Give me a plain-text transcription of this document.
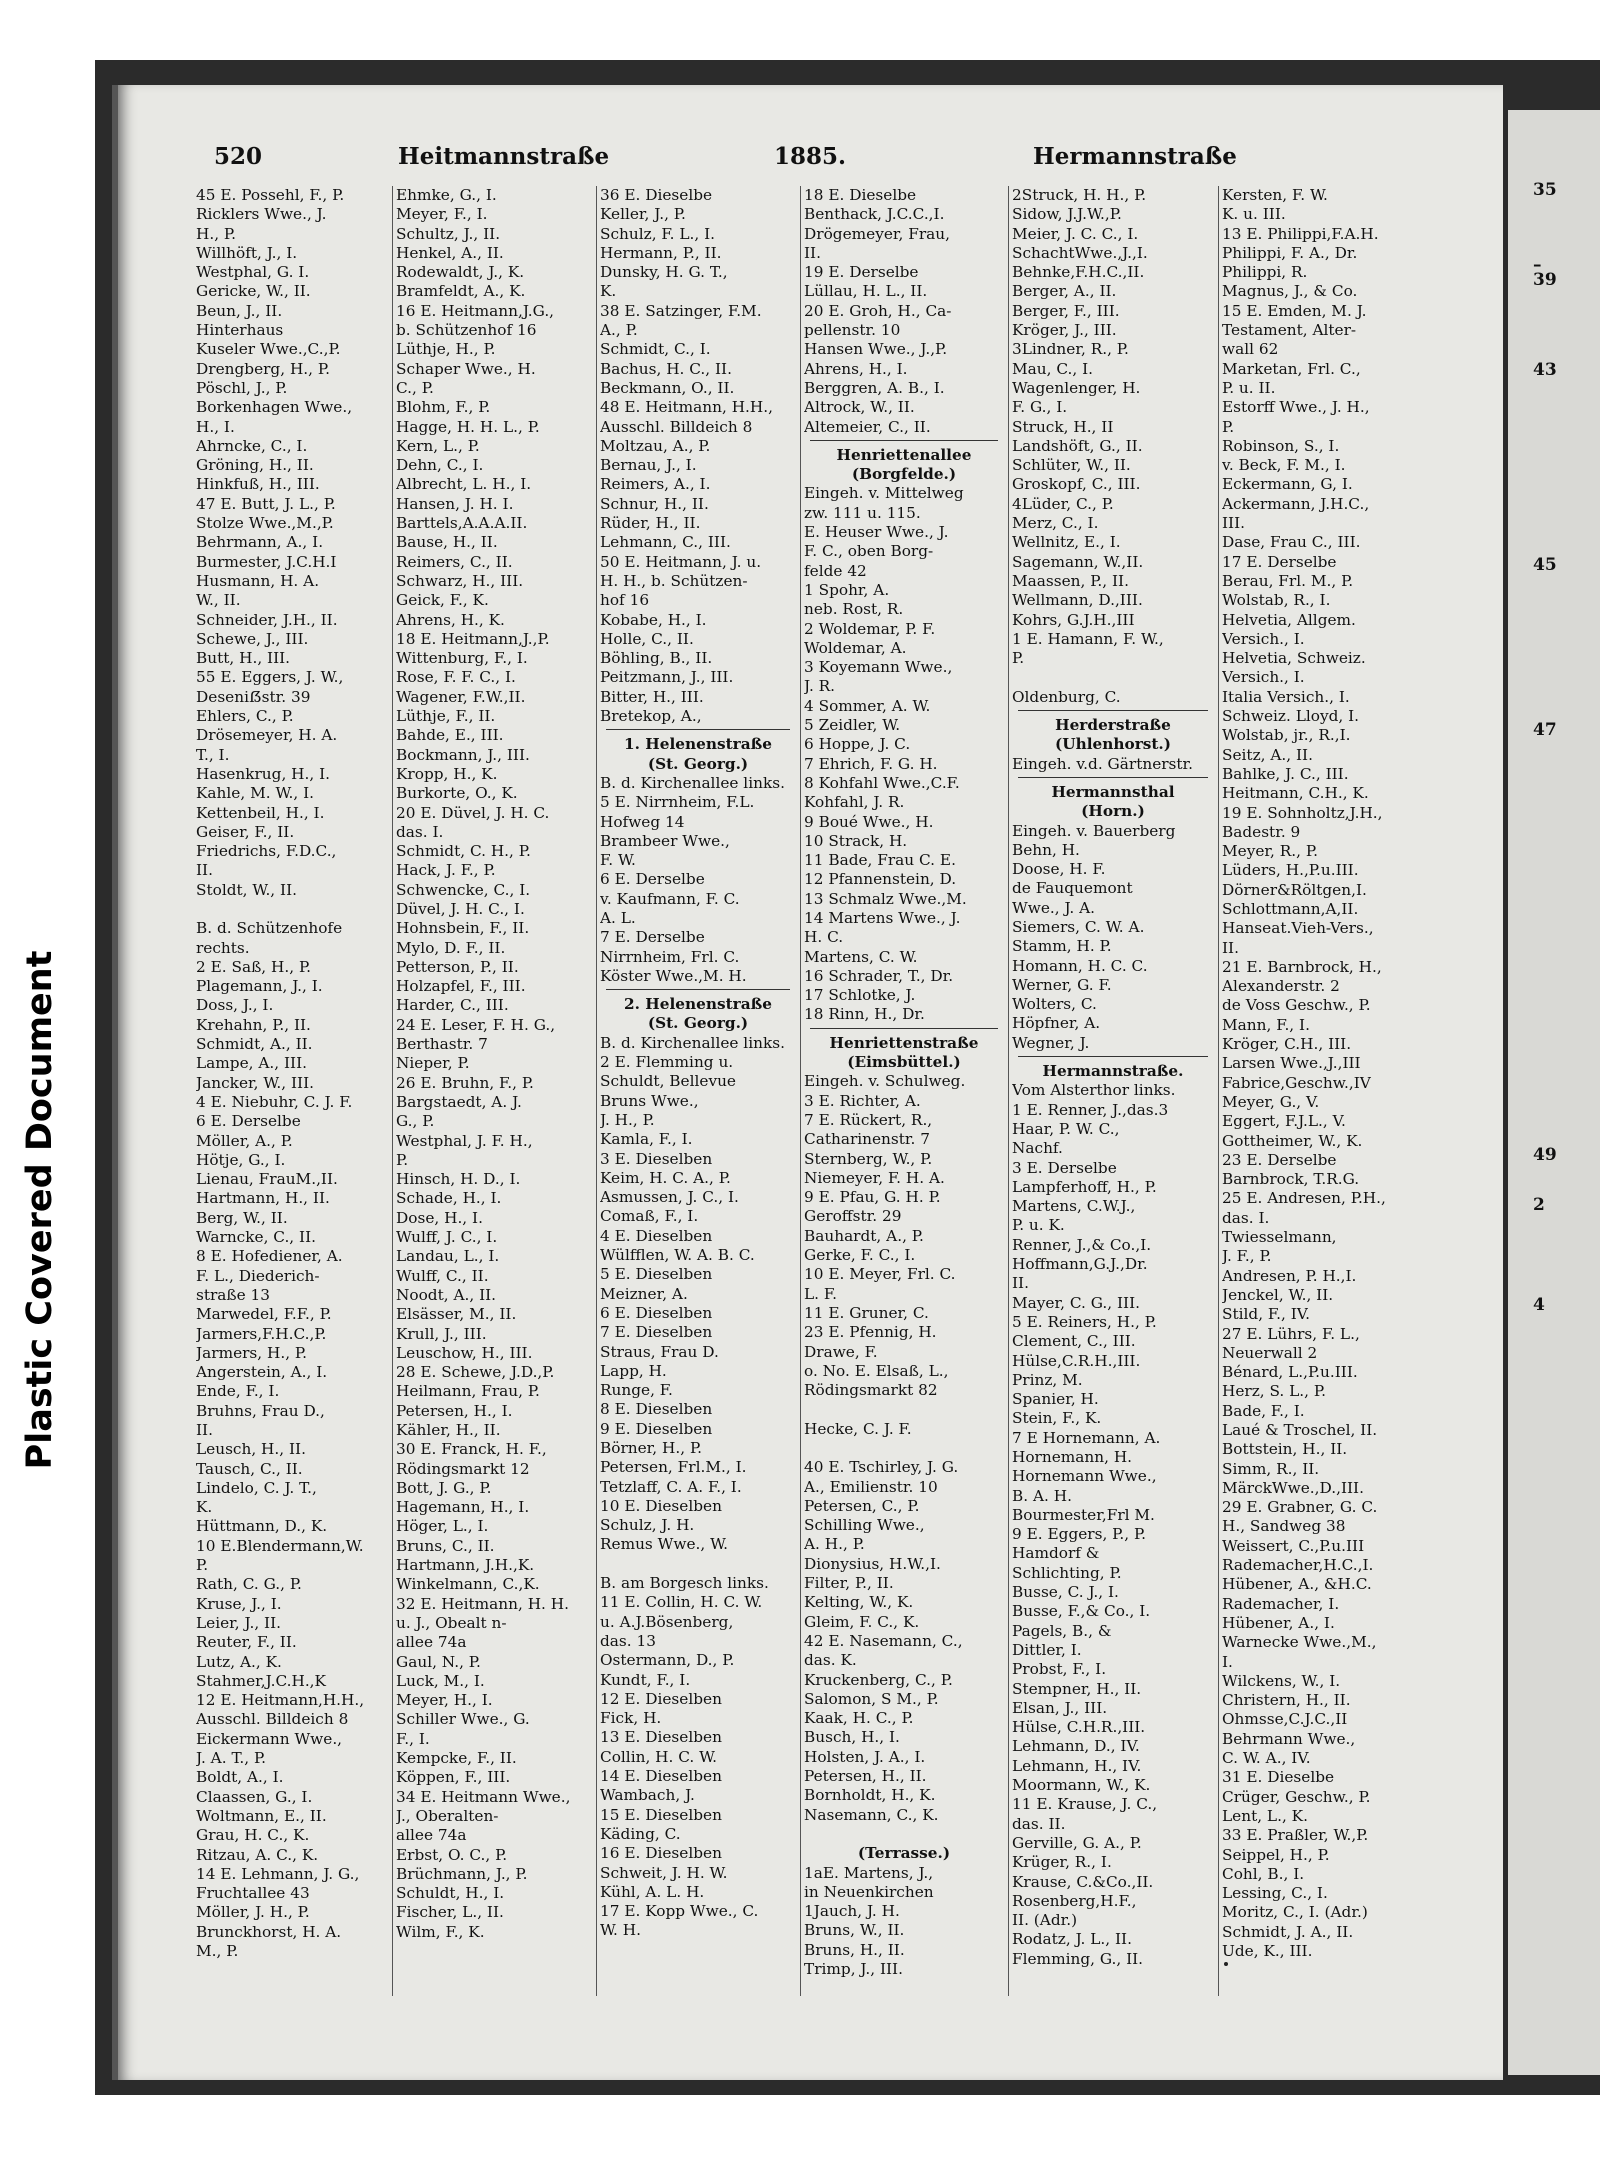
Plastic Covered Document
35
–
39
43
45
47
49
2
4
520	Heitmannstraße	1885.	Hermannstraße
45 E. Possehl, F., P.
Ricklers Wwe., J.
H., P.
Willhöft, J., I.
Westphal, G. I.
Gericke, W., II.
Beun, J., II.
Hinterhaus
Kuseler Wwe.,C.,P.
Drengberg, H., P.
Pöschl, J., P.
Borkenhagen Wwe.,
H., I.
Ahrncke, C., I.
Gröning, H., II.
Hinkfuß, H., III.
47 E. Butt, J. L., P.
Stolze Wwe.,M.,P.
Behrmann, A., I.
Burmester, J.C.H.I
Husmann, H. A.
W., II.
Schneider, J.H., II.
Schewe, J., III.
Butt, H., III.
55 E. Eggers, J. W.,
Deseniẞstr. 39
Ehlers, C., P.
Drösemeyer, H. A.
T., I.
Hasenkrug, H., I.
Kahle, M. W., I.
Kettenbeil, H., I.
Geiser, F., II.
Friedrichs, F.D.C.,
II.
Stoldt, W., II.

B. d. Schützenhofe
rechts.
2 E. Saß, H., P.
Plagemann, J., I.
Doss, J., I.
Krehahn, P., II.
Schmidt, A., II.
Lampe, A., III.
Jancker, W., III.
4 E. Niebuhr, C. J. F.
6 E. Derselbe
Möller, A., P.
Hötje, G., I.
Lienau, FrauM.,II.
Hartmann, H., II.
Berg, W., II.
Warncke, C., II.
8 E. Hofediener, A.
F. L., Diederich-
straße 13
Marwedel, F.F., P.
Jarmers,F.H.C.,P.
Jarmers, H., P.
Angerstein, A., I.
Ende, F., I.
Bruhns, Frau D.,
II.
Leusch, H., II.
Tausch, C., II.
Lindelo, C. J. T.,
K.
Hüttmann, D., K.
10 E.Blendermann,W.
P.
Rath, C. G., P.
Kruse, J., I.
Leier, J., II.
Reuter, F., II.
Lutz, A., K.
Stahmer,J.C.H.,K
12 E. Heitmann,H.H.,
Ausschl. Billdeich 8
Eickermann Wwe.,
J. A. T., P.
Boldt, A., I.
Claassen, G., I.
Woltmann, E., II.
Grau, H. C., K.
Ritzau, A. C., K.
14 E. Lehmann, J. G.,
Fruchtallee 43
Möller, J. H., P.
Brunckhorst, H. A.
M., P.
Ehmke, G., I.
Meyer, F., I.
Schultz, J., II.
Henkel, A., II.
Rodewaldt, J., K.
Bramfeldt, A., K.
16 E. Heitmann,J.G.,
b. Schützenhof 16
Lüthje, H., P.
Schaper Wwe., H.
C., P.
Blohm, F., P.
Hagge, H. H. L., P.
Kern, L., P.
Dehn, C., I.
Albrecht, L. H., I.
Hansen, J. H. I.
Barttels,A.A.A.II.
Bause, H., II.
Reimers, C., II.
Schwarz, H., III.
Geick, F., K.
Ahrens, H., K.
18 E. Heitmann,J.,P.
Wittenburg, F., I.
Rose, F. F. C., I.
Wagener, F.W.,II.
Lüthje, F., II.
Bahde, E., III.
Bockmann, J., III.
Kropp, H., K.
Burkorte, O., K.
20 E. Düvel, J. H. C.
das. I.
Schmidt, C. H., P.
Hack, J. F., P.
Schwencke, C., I.
Düvel, J. H. C., I.
Hohnsbein, F., II.
Mylo, D. F., II.
Petterson, P., II.
Holzapfel, F., III.
Harder, C., III.
24 E. Leser, F. H. G.,
Berthastr. 7
Nieper, P.
26 E. Bruhn, F., P.
Bargstaedt, A. J.
G., P.
Westphal, J. F. H.,
P.
Hinsch, H. D., I.
Schade, H., I.
Dose, H., I.
Wulff, J. C., I.
Landau, L., I.
Wulff, C., II.
Noodt, A., II.
Elsässer, M., II.
Krull, J., III.
Leuschow, H., III.
28 E. Schewe, J.D.,P.
Heilmann, Frau, P.
Petersen, H., I.
Kähler, H., II.
30 E. Franck, H. F.,
Rödingsmarkt 12
Bott, J. G., P.
Hagemann, H., I.
Höger, L., I.
Bruns, C., II.
Hartmann, J.H.,K.
Winkelmann, C.,K.
32 E. Heitmann, H. H.
u. J., Obealt n-
allee 74a
Gaul, N., P.
Luck, M., I.
Meyer, H., I.
Schiller Wwe., G.
F., I.
Kempcke, F., II.
Köppen, F., III.
34 E. Heitmann Wwe.,
J., Oberalten-
allee 74a
Erbst, O. C., P.
Brüchmann, J., P.
Schuldt, H., I.
Fischer, L., II.
Wilm, F., K.
36 E. Dieselbe
Keller, J., P.
Schulz, F. L., I.
Hermann, P., II.
Dunsky, H. G. T.,
K.
38 E. Satzinger, F.M.
A., P.
Schmidt, C., I.
Bachus, H. C., II.
Beckmann, O., II.
48 E. Heitmann, H.H.,
Ausschl. Billdeich 8
Moltzau, A., P.
Bernau, J., I.
Reimers, A., I.
Schnur, H., II.
Rüder, H., II.
Lehmann, C., III.
50 E. Heitmann, J. u.
H. H., b. Schützen-
hof 16
Kobabe, H., I.
Holle, C., II.
Böhling, B., II.
Peitzmann, J., III.
Bitter, H., III.
Bretekop, A.,
1. Helenenstraße
(St. Georg.)
B. d. Kirchenallee links.
5 E. Nirrnheim, F.L.
Hofweg 14
Brambeer Wwe.,
F. W.
6 E. Derselbe
v. Kaufmann, F. C.
A. L.
7 E. Derselbe
Nirrnheim, Frl. C.
Köster Wwe.,M. H.
2. Helenenstraße
(St. Georg.)
B. d. Kirchenallee links.
2 E. Flemming u.
Schuldt, Bellevue
Bruns Wwe.,
J. H., P.
Kamla, F., I.
3 E. Dieselben
Keim, H. C. A., P.
Asmussen, J. C., I.
Comaß, F., I.
4 E. Dieselben
Wülfflen, W. A. B. C.
5 E. Dieselben
Meizner, A.
6 E. Dieselben
7 E. Dieselben
Straus, Frau D.
Lapp, H.
Runge, F.
8 E. Dieselben
9 E. Dieselben
Börner, H., P.
Petersen, Frl.M., I.
Tetzlaff, C. A. F., I.
10 E. Dieselben
Schulz, J. H.
Remus Wwe., W.

B. am Borgesch links.
11 E. Collin, H. C. W.
u. A.J.Bösenberg,
das. 13
Ostermann, D., P.
Kundt, F., I.
12 E. Dieselben
Fick, H.
13 E. Dieselben
Collin, H. C. W.
14 E. Dieselben
Wambach, J.
15 E. Dieselben
Käding, C.
16 E. Dieselben
Schweit, J. H. W.
Kühl, A. L. H.
17 E. Kopp Wwe., C.
W. H.
18 E. Dieselbe
Benthack, J.C.C.,I.
Drögemeyer, Frau,
II.
19 E. Derselbe
Lüllau, H. L., II.
20 E. Groh, H., Ca-
pellenstr. 10
Hansen Wwe., J.,P.
Ahrens, H., I.
Berggren, A. B., I.
Altrock, W., II.
Altemeier, C., II.
Henriettenallee
(Borgfelde.)
Eingeh. v. Mittelweg
zw. 111 u. 115.
E. Heuser Wwe., J.
F. C., oben Borg-
felde 42
1 Spohr, A.
neb. Rost, R.
2 Woldemar, P. F.
Woldemar, A.
3 Koyemann Wwe.,
J. R.
4 Sommer, A. W.
5 Zeidler, W.
6 Hoppe, J. C.
7 Ehrich, F. G. H.
8 Kohfahl Wwe.,C.F.
Kohfahl, J. R.
9 Boué Wwe., H.
10 Strack, H.
11 Bade, Frau C. E.
12 Pfannenstein, D.
13 Schmalz Wwe.,M.
14 Martens Wwe., J.
H. C.
Martens, C. W.
16 Schrader, T., Dr.
17 Schlotke, J.
18 Rinn, H., Dr.
Henriettenstraße
(Eimsbüttel.)
Eingeh. v. Schulweg.
3 E. Richter, A.
7 E. Rückert, R.,
Catharinenstr. 7
Sternberg, W., P.
Niemeyer, F. H. A.
9 E. Pfau, G. H. P.
Geroffstr. 29
Bauhardt, A., P.
Gerke, F. C., I.
10 E. Meyer, Frl. C.
L. F.
11 E. Gruner, C.
23 E. Pfennig, H.
Drawe, F.
o. No. E. Elsaß, L.,
Rödingsmarkt 82

Hecke, C. J. F.

40 E. Tschirley, J. G.
A., Emilienstr. 10
Petersen, C., P.
Schilling Wwe.,
A. H., P.
Dionysius, H.W.,I.
Filter, P., II.
Kelting, W., K.
Gleim, F. C., K.
42 E. Nasemann, C.,
das. K.
Kruckenberg, C., P.
Salomon, S M., P.
Kaak, H. C., P.
Busch, H., I.
Holsten, J. A., I.
Petersen, H., II.
Bornholdt, H., K.
Nasemann, C., K.

(Terrasse.)
1aE. Martens, J.,
in Neuenkirchen
1Jauch, J. H.
Bruns, W., II.
Bruns, H., II.
Trimp, J., III.
2Struck, H. H., P.
Sidow, J.J.W.,P.
Meier, J. C. C., I.
SchachtWwe.,J.,I.
Behnke,F.H.C.,II.
Berger, A., II.
Berger, F., III.
Kröger, J., III.
3Lindner, R., P.
Mau, C., I.
Wagenlenger, H.
F. G., I.
Struck, H., II
Landshöft, G., II.
Schlüter, W., II.
Groskopf, C., III.
4Lüder, C., P.
Merz, C., I.
Wellnitz, E., I.
Sagemann, W.,II.
Maassen, P., II.
Wellmann, D.,III.
Kohrs, G.J.H.,III
1 E. Hamann, F. W.,
P.

Oldenburg, C.
Herderstraße
(Uhlenhorst.)
Eingeh. v.d. Gärtnerstr.
Hermannsthal
(Horn.)
Eingeh. v. Bauerberg
Behn, H.
Doose, H. F.
de Fauquemont
Wwe., J. A.
Siemers, C. W. A.
Stamm, H. P.
Homann, H. C. C.
Werner, G. F.
Wolters, C.
Höpfner, A.
Wegner, J.
Hermannstraße.
Vom Alsterthor links.
1 E. Renner, J.,das.3
Haar, P. W. C.,
Nachf.
3 E. Derselbe
Lampferhoff, H., P.
Martens, C.W.J.,
P. u. K.
Renner, J.,& Co.,I.
Hoffmann,G.J.,Dr.
II.
Mayer, C. G., III.
5 E. Reiners, H., P.
Clement, C., III.
Hülse,C.R.H.,III.
Prinz, M.
Spanier, H.
Stein, F., K.
7 E Hornemann, A.
Hornemann, H.
Hornemann Wwe.,
B. A. H.
Bourmester,Frl M.
9 E. Eggers, P., P.
Hamdorf &
Schlichting, P.
Busse, C. J., I.
Busse, F.,& Co., I.
Pagels, B., &
Dittler, I.
Probst, F., I.
Stempner, H., II.
Elsan, J., III.
Hülse, C.H.R.,III.
Lehmann, D., IV.
Lehmann, H., IV.
Moormann, W., K.
11 E. Krause, J. C.,
das. II.
Gerville, G. A., P.
Krüger, R., I.
Krause, C.&Co.,II.
Rosenberg,H.F.,
II. (Adr.)
Rodatz, J. L., II.
Flemming, G., II.
Kersten, F. W.
K. u. III.
13 E. Philippi,F.A.H.
Philippi, F. A., Dr.
Philippi, R.
Magnus, J., & Co.
15 E. Emden, M. J.
Testament, Alter-
wall 62
Marketan, Frl. C.,
P. u. II.
Estorff Wwe., J. H.,
P.
Robinson, S., I.
v. Beck, F. M., I.
Eckermann, G, I.
Ackermann, J.H.C.,
III.
Dase, Frau C., III.
17 E. Derselbe
Berau, Frl. M., P.
Wolstab, R., I.
Helvetia, Allgem.
Versich., I.
Helvetia, Schweiz.
Versich., I.
Italia Versich., I.
Schweiz. Lloyd, I.
Wolstab, jr., R.,I.
Seitz, A., II.
Bahlke, J. C., III.
Heitmann, C.H., K.
19 E. Sohnholtz,J.H.,
Badestr. 9
Meyer, R., P.
Lüders, H.,P.u.III.
Dörner&Röltgen,I.
Schlottmann,A,II.
Hanseat.Vieh-Vers.,
II.
21 E. Barnbrock, H.,
Alexanderstr. 2
de Voss Geschw., P.
Mann, F., I.
Kröger, C.H., III.
Larsen Wwe.,J.,III
Fabrice,Geschw.,IV
Meyer, G., V.
Eggert, F.J.L., V.
Gottheimer, W., K.
23 E. Derselbe
Barnbrock, T.R.G.
25 E. Andresen, P.H.,
das. I.
Twiesselmann,
J. F., P.
Andresen, P. H.,I.
Jenckel, W., II.
Stild, F., IV.
27 E. Lührs, F. L.,
Neuerwall 2
Bénard, L.,P.u.III.
Herz, S. L., P.
Bade, F., I.
Laué & Troschel, II.
Bottstein, H., II.
Simm, R., II.
MärckWwe.,D.,III.
29 E. Grabner, G. C.
H., Sandweg 38
Weissert, C.,P.u.III
Rademacher,H.C.,I.
Hübener, A., &H.C.
Rademacher, I.
Hübener, A., I.
Warnecke Wwe.,M.,
I.
Wilckens, W., I.
Christern, H., II.
Ohmsse,C.J.C.,II
Behrmann Wwe.,
C. W. A., IV.
31 E. Dieselbe
Crüger, Geschw., P.
Lent, L., K.
33 E. Praßler, W.,P.
Seippel, H., P.
Cohl, B., I.
Lessing, C., I.
Moritz, C., I. (Adr.)
Schmidt, J. A., II.
Ude, K., III.
